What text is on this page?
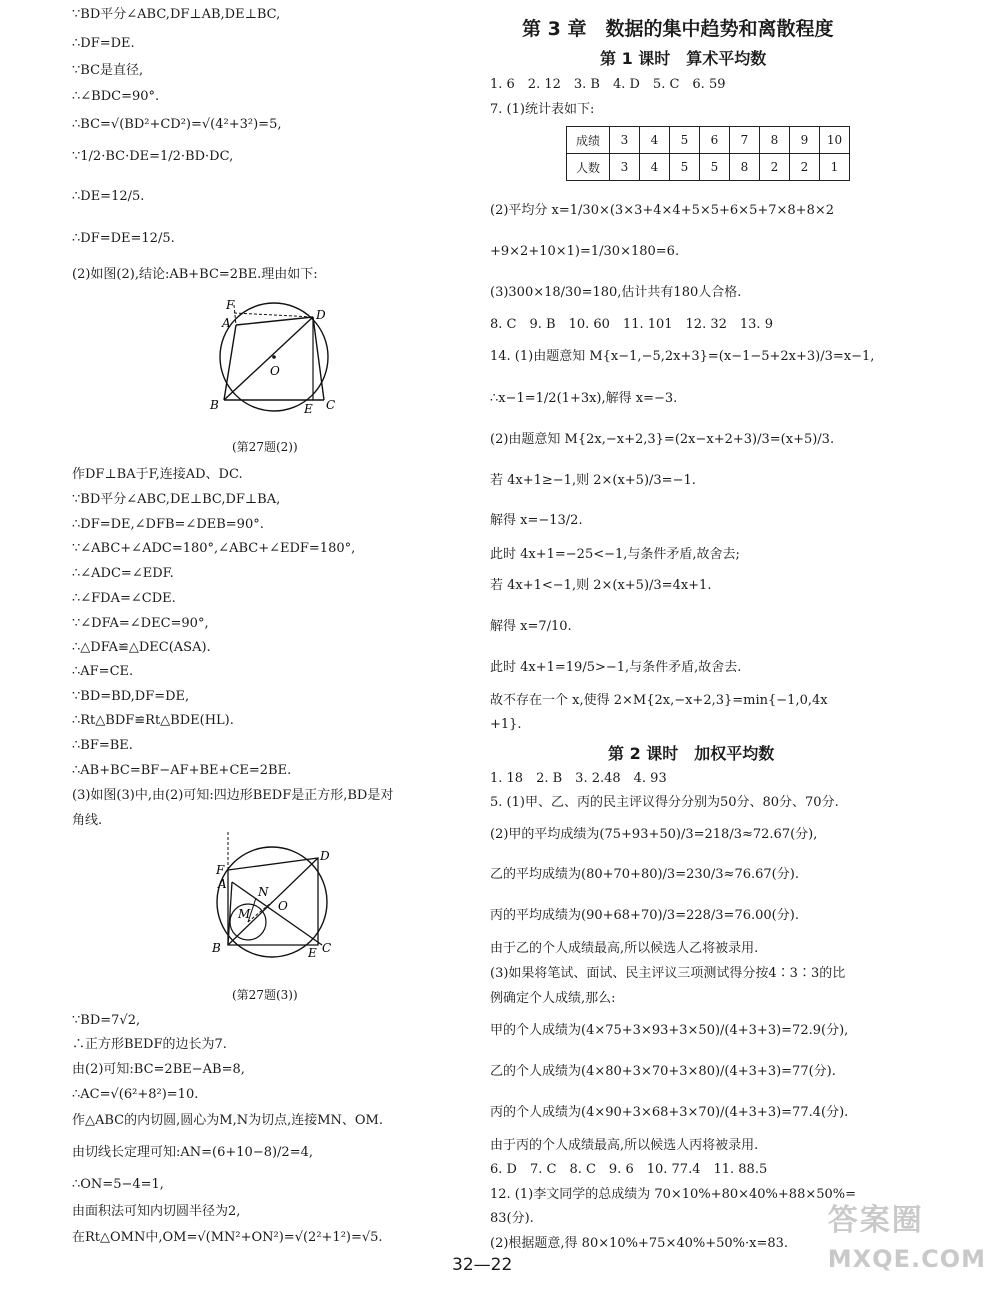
∵BD平分∠ABC,DF⊥AB,DE⊥BC,
∴DF=DE.
∵BC是直径,
∴∠BDC=90°.
∴BC=√(BD²+CD²)=√(4²+3²)=5,
∵1/2·BC·DE=1/2·BD·DC,
∴DE=12/5.
∴DF=DE=12/5.
(2)如图(2),结论:AB+BC=2BE.理由如下:
F
A
D
O
B	E C
(第27题(2))
作DF⊥BA于F,连接AD、DC.
∵BD平分∠ABC,DE⊥BC,DF⊥BA,
∴DF=DE,∠DFB=∠DEB=90°.
∵∠ABC+∠ADC=180°,∠ABC+∠EDF=180°,
∴∠ADC=∠EDF.
∴∠FDA=∠CDE.
∵∠DFA=∠DEC=90°,
∴△DFA≌△DEC(ASA).
∴AF=CE.
∵BD=BD,DF=DE,
∴Rt△BDF≌Rt△BDE(HL).
∴BF=BE.
∴AB+BC=BF−AF+BE+CE=2BE.
(3)如图(3)中,由(2)可知:四边形BEDF是正方形,BD是对
角线.
F
A
D
N
O
M
B	E C
(第27题(3))
∵BD=7√2,
∴正方形BEDF的边长为7.
由(2)可知:BC=2BE−AB=8,
∴AC=√(6²+8²)=10.
作△ABC的内切圆,圆心为M,N为切点,连接MN、OM.
由切线长定理可知:AN=(6+10−8)/2=4,
∴ON=5−4=1,
由面积法可知内切圆半径为2,
在Rt△OMN中,OM=√(MN²+ON²)=√(2²+1²)=√5.
第 3 章　数据的集中趋势和离散程度
第 1 课时　算术平均数
1. 6　2. 12　3. B　4. D　5. C　6. 59
7. (1)统计表如下:
成绩	3	4	5	6	7	8	9	10
人数	3	4	5	5	8	2	2	1
(2)平均分 x=1/30×(3×3+4×4+5×5+6×5+7×8+8×2
+9×2+10×1)=1/30×180=6.
(3)300×18/30=180,估计共有180人合格.
8. C　9. B　10. 60　11. 101　12. 32　13. 9
14. (1)由题意知 M{x−1,−5,2x+3}=(x−1−5+2x+3)/3=x−1,
∴x−1=1/2(1+3x),解得 x=−3.
(2)由题意知 M{2x,−x+2,3}=(2x−x+2+3)/3=(x+5)/3.
若 4x+1≥−1,则 2×(x+5)/3=−1.
解得 x=−13/2.
此时 4x+1=−25<−1,与条件矛盾,故舍去;
若 4x+1<−1,则 2×(x+5)/3=4x+1.
解得 x=7/10.
此时 4x+1=19/5>−1,与条件矛盾,故舍去.
故不存在一个 x,使得 2×M{2x,−x+2,3}=min{−1,0,4x
+1}.
第 2 课时　加权平均数
1. 18　2. B　3. 2.48　4. 93
5. (1)甲、乙、丙的民主评议得分分别为50分、80分、70分.
(2)甲的平均成绩为(75+93+50)/3=218/3≈72.67(分),
乙的平均成绩为(80+70+80)/3=230/3≈76.67(分).
丙的平均成绩为(90+68+70)/3=228/3=76.00(分).
由于乙的个人成绩最高,所以候选人乙将被录用.
(3)如果将笔试、面试、民主评议三项测试得分按4∶3∶3的比
例确定个人成绩,那么:
甲的个人成绩为(4×75+3×93+3×50)/(4+3+3)=72.9(分),
乙的个人成绩为(4×80+3×70+3×80)/(4+3+3)=77(分).
丙的个人成绩为(4×90+3×68+3×70)/(4+3+3)=77.4(分).
由于丙的个人成绩最高,所以候选人丙将被录用.
6. D　7. C　8. C　9. 6　10. 77.4　11. 88.5
12. (1)李文同学的总成绩为 70×10%+80×40%+88×50%=
83(分).
(2)根据题意,得 80×10%+75×40%+50%·x=83.
32—22
答案圈
MXQE.COM
